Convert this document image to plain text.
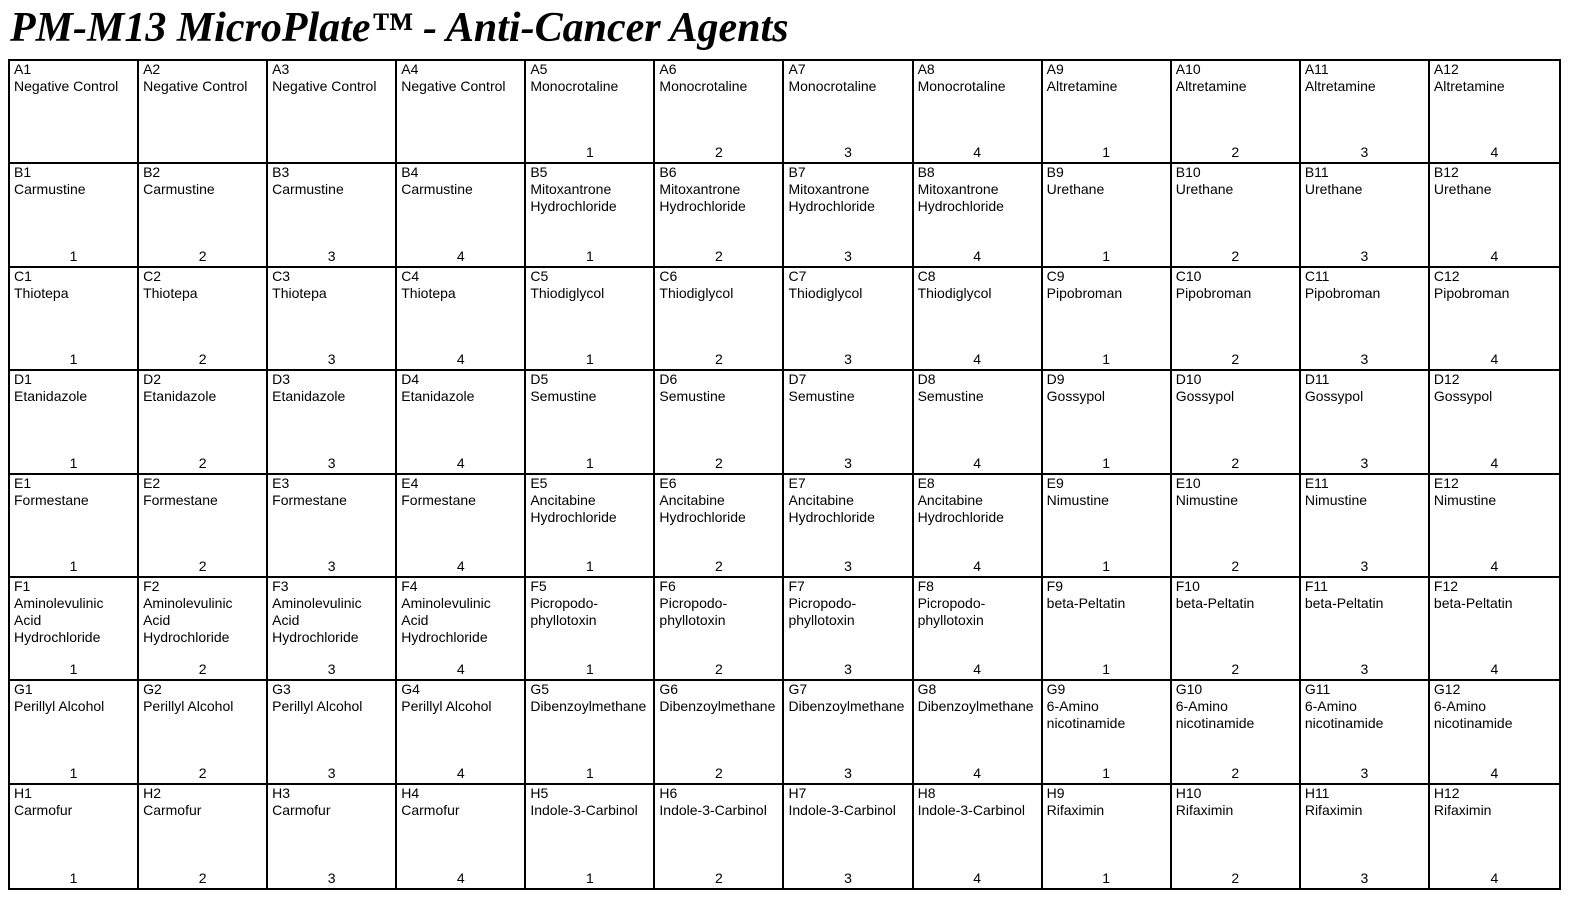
PM-M13 MicroPlate™ - Anti-Cancer Agents
A1
Negative Control
A2
Negative Control
A3
Negative Control
A4
Negative Control
A5
Monocrotaline
1
A6
Monocrotaline
2
A7
Monocrotaline
3
A8
Monocrotaline
4
A9
Altretamine
1
A10
Altretamine
2
A11
Altretamine
3
A12
Altretamine
4
B1
Carmustine
1
B2
Carmustine
2
B3
Carmustine
3
B4
Carmustine
4
B5
Mitoxantrone
Hydrochloride
1
B6
Mitoxantrone
Hydrochloride
2
B7
Mitoxantrone
Hydrochloride
3
B8
Mitoxantrone
Hydrochloride
4
B9
Urethane
1
B10
Urethane
2
B11
Urethane
3
B12
Urethane
4
C1
Thiotepa
1
C2
Thiotepa
2
C3
Thiotepa
3
C4
Thiotepa
4
C5
Thiodiglycol
1
C6
Thiodiglycol
2
C7
Thiodiglycol
3
C8
Thiodiglycol
4
C9
Pipobroman
1
C10
Pipobroman
2
C11
Pipobroman
3
C12
Pipobroman
4
D1
Etanidazole
1
D2
Etanidazole
2
D3
Etanidazole
3
D4
Etanidazole
4
D5
Semustine
1
D6
Semustine
2
D7
Semustine
3
D8
Semustine
4
D9
Gossypol
1
D10
Gossypol
2
D11
Gossypol
3
D12
Gossypol
4
E1
Formestane
1
E2
Formestane
2
E3
Formestane
3
E4
Formestane
4
E5
Ancitabine
Hydrochloride
1
E6
Ancitabine
Hydrochloride
2
E7
Ancitabine
Hydrochloride
3
E8
Ancitabine
Hydrochloride
4
E9
Nimustine
1
E10
Nimustine
2
E11
Nimustine
3
E12
Nimustine
4
F1
Aminolevulinic
Acid
Hydrochloride
1
F2
Aminolevulinic
Acid
Hydrochloride
2
F3
Aminolevulinic
Acid
Hydrochloride
3
F4
Aminolevulinic
Acid
Hydrochloride
4
F5
Picropodo-
phyllotoxin
1
F6
Picropodo-
phyllotoxin
2
F7
Picropodo-
phyllotoxin
3
F8
Picropodo-
phyllotoxin
4
F9
beta-Peltatin
1
F10
beta-Peltatin
2
F11
beta-Peltatin
3
F12
beta-Peltatin
4
G1
Perillyl Alcohol
1
G2
Perillyl Alcohol
2
G3
Perillyl Alcohol
3
G4
Perillyl Alcohol
4
G5
Dibenzoylmethane
1
G6
Dibenzoylmethane
2
G7
Dibenzoylmethane
3
G8
Dibenzoylmethane
4
G9
6-Amino
nicotinamide
1
G10
6-Amino
nicotinamide
2
G11
6-Amino
nicotinamide
3
G12
6-Amino
nicotinamide
4
H1
Carmofur
1
H2
Carmofur
2
H3
Carmofur
3
H4
Carmofur
4
H5
Indole-3-Carbinol
1
H6
Indole-3-Carbinol
2
H7
Indole-3-Carbinol
3
H8
Indole-3-Carbinol
4
H9
Rifaximin
1
H10
Rifaximin
2
H11
Rifaximin
3
H12
Rifaximin
4
